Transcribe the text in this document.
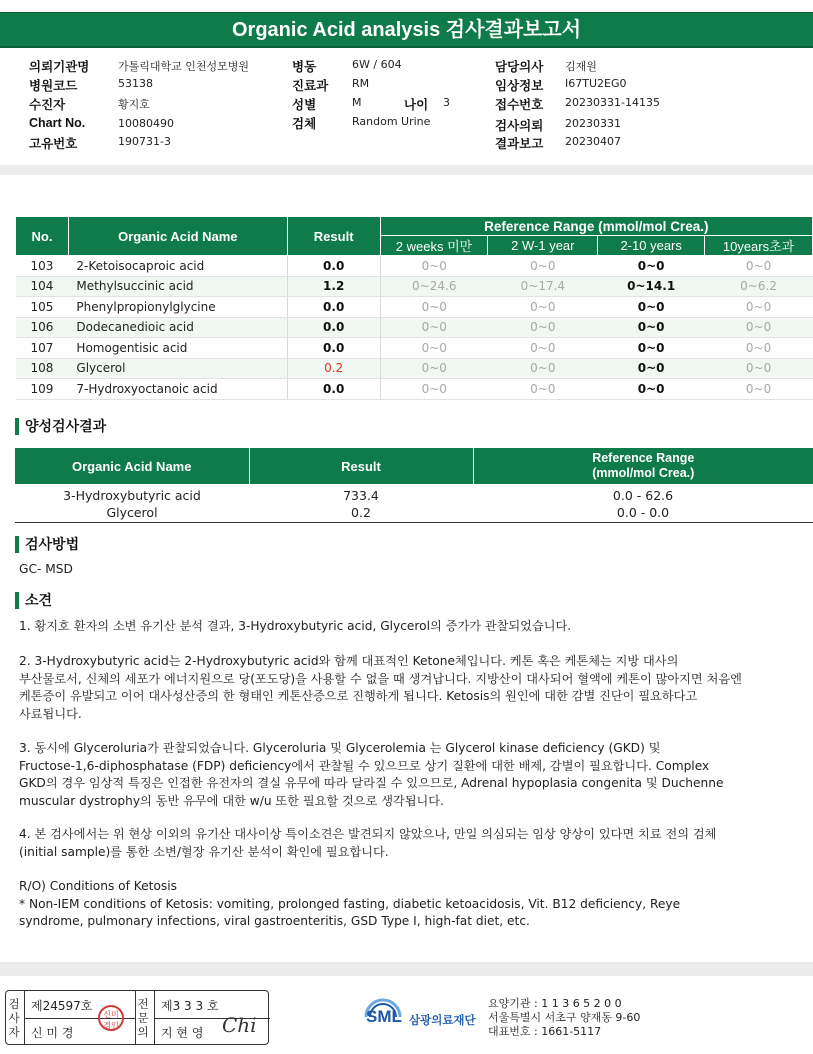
Organic Acid analysis 검사결과보고서
의뢰기관명	가톨릭대학교 인천성모병원
병원코드	53138
수진자	황지호
Chart No.	10080490
고유번호	190731-3
병동	6W / 604
진료과 RM
성별	M	나이 3
검체	Random Urine
담당의사 김재원
임상정보 I67TU2EG0
접수번호 20230331-14135
검사의뢰 20230331
결과보고 20230407
No.	Organic Acid Name	Result	Reference Range (mmol/mol Crea.)			
			2 weeks 미만	2 W-1 year	2-10 years	10years초과
103	2-Ketoisocaproic acid	0.0	0~0	0~0	0~0	0~0
104	Methylsuccinic acid	1.2	0~24.6	0~17.4	0~14.1	0~6.2
105	Phenylpropionylglycine	0.0	0~0	0~0	0~0	0~0
106	Dodecanedioic acid	0.0	0~0	0~0	0~0	0~0
107	Homogentisic acid	0.0	0~0	0~0	0~0	0~0
108	Glycerol	0.2	0~0	0~0	0~0	0~0
109	7-Hydroxyoctanoic acid	0.0	0~0	0~0	0~0	0~0
양성검사결과
Organic Acid Name	Result	Reference Range
(mmol/mol Crea.)

3-Hydroxybutyric acid	733.4	0.0 - 62.6
Glycerol	0.2	0.0 - 0.0
검사방법
GC- MSD
소견
1. 황지호 환자의 소변 유기산 분석 결과, 3-Hydroxybutyric acid, Glycerol의 증가가 관찰되었습니다.
2. 3-Hydroxybutyric acid는 2-Hydroxybutyric acid와 함께 대표적인 Ketone체입니다. 케톤 혹은 케톤체는 지방 대사의
부산물로서, 신체의 세포가 에너지원으로 당(포도당)을 사용할 수 없을 때 생겨납니다. 지방산이 대사되어 혈액에 케톤이 많아지면 처음엔
케톤증이 유발되고 이어 대사성산증의 한 형태인 케톤산증으로 진행하게 됩니다. Ketosis의 원인에 대한 감별 진단이 필요하다고
사료됩니다.
3. 동시에 Glyceroluria가 관찰되었습니다. Glyceroluria 및 Glycerolemia 는 Glycerol kinase deficiency (GKD) 및
Fructose-1,6-diphosphatase (FDP) deficiency에서 관찰될 수 있으므로 상기 질환에 대한 배제, 감별이 필요합니다. Complex
GKD의 경우 임상적 특징은 인접한 유전자의 결실 유무에 따라 달라질 수 있으므로, Adrenal hypoplasia congenita 및 Duchenne
muscular dystrophy의 동반 유무에 대한 w/u 또한 필요할 것으로 생각됩니다.
4. 본 검사에서는 위 현상 이외의 유기산 대사이상 특이소견은 발견되지 않았으나, 만일 의심되는 임상 양상이 있다면 치료 전의 검체
(initial sample)를 통한 소변/혈장 유기산 분석이 확인에 필요합니다.
R/O) Conditions of Ketosis
* Non-IEM conditions of Ketosis: vomiting, prolonged fasting, diabetic ketoacidosis, Vit. B12 deficiency, Reye
syndrome, pulmonary infections, viral gastroenteritis, GSD Type I, high-fat diet, etc.
검사자
제24597호
신 미 경
신미경인
전문의
제3 3 3 호
지 현 영 Chi	SML 삼광의료재단
요양기관 : 1 1 3 6 5 2 0 0
서울특별시 서초구 양재동 9-60
대표번호 : 1661-5117
